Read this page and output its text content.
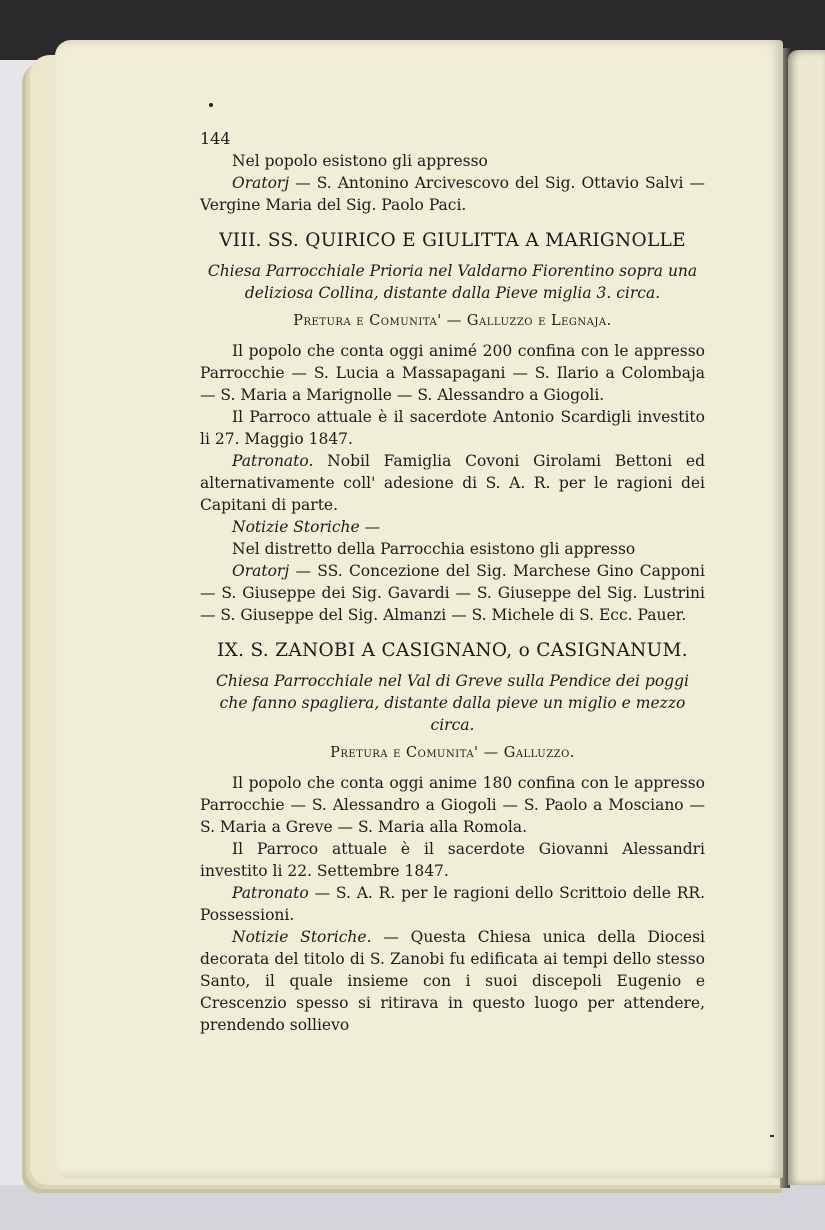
144

Nel popolo esistono gli appresso

Oratorj — S. Antonino Arcivescovo del Sig. Ottavio Salvi — Vergine Maria del Sig. Paolo Paci.

VIII. SS. QUIRICO E GIULITTA A MARIGNOLLE

Chiesa Parrocchiale Prioria nel Valdarno Fiorentino sopra una deliziosa Collina, distante dalla Pieve miglia 3. circa.

Pretura e Comunita' — Galluzzo e Legnaja.

Il popolo che conta oggi animé 200 confina con le appresso Parrocchie — S. Lucia a Massapagani — S. Ilario a Colombaja — S. Maria a Marignolle — S. Alessandro a Giogoli.

Il Parroco attuale è il sacerdote Antonio Scardigli investito li 27. Maggio 1847.

Patronato. Nobil Famiglia Covoni Girolami Bettoni ed alternativamente coll' adesione di S. A. R. per le ragioni dei Capitani di parte.

Notizie Storiche —

Nel distretto della Parrocchia esistono gli appresso

Oratorj — SS. Concezione del Sig. Marchese Gino Capponi — S. Giuseppe dei Sig. Gavardi — S. Giuseppe del Sig. Lustrini — S. Giuseppe del Sig. Almanzi — S. Michele di S. Ecc. Pauer.

IX. S. ZANOBI A CASIGNANO, o CASIGNANUM.

Chiesa Parrocchiale nel Val di Greve sulla Pendice dei poggi che fanno spagliera, distante dalla pieve un miglio e mezzo circa.

Pretura e Comunita' — Galluzzo.

Il popolo che conta oggi anime 180 confina con le appresso Parrocchie — S. Alessandro a Giogoli — S. Paolo a Mosciano — S. Maria a Greve — S. Maria alla Romola.

Il Parroco attuale è il sacerdote Giovanni Alessandri investito li 22. Settembre 1847.

Patronato — S. A. R. per le ragioni dello Scrittoio delle RR. Possessioni.

Notizie Storiche. — Questa Chiesa unica della Diocesi decorata del titolo di S. Zanobi fu edificata ai tempi dello stesso Santo, il quale insieme con i suoi discepoli Eugenio e Crescenzio spesso si ritirava in questo luogo per attendere, prendendo sollievo
